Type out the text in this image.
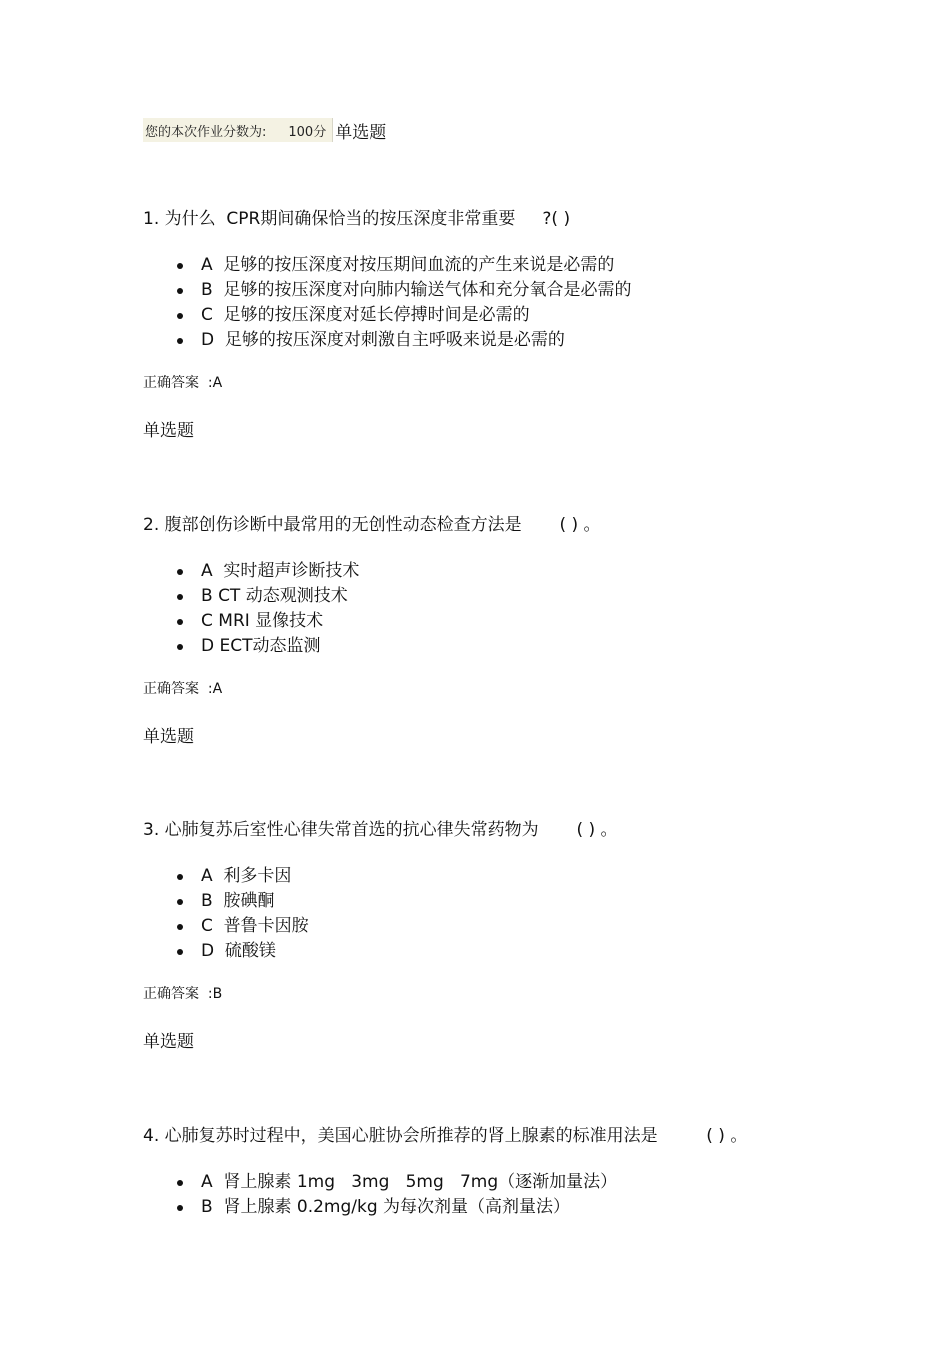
您的本次作业分数为: 100分 单选题
1. 为什么  CPR期间确保恰当的按压深度非常重要     ?( )
A  足够的按压深度对按压期间血流的产生来说是必需的
B  足够的按压深度对向肺内输送气体和充分氧合是必需的
C  足够的按压深度对延长停搏时间是必需的
D  足够的按压深度对刺激自主呼吸来说是必需的
正确答案  :A
单选题
2. 腹部创伤诊断中最常用的无创性动态检查方法是       ( ) 。
A  实时超声诊断技术
B CT 动态观测技术
C MRI 显像技术
D ECT动态监测
正确答案  :A
单选题
3. 心肺复苏后室性心律失常首选的抗心律失常药物为       ( ) 。
A  利多卡因
B  胺碘酮
C  普鲁卡因胺
D  硫酸镁
正确答案  :B
单选题
4. 心肺复苏时过程中，美国心脏协会所推荐的肾上腺素的标准用法是         ( ) 。
A  肾上腺素 1mg   3mg   5mg   7mg（逐渐加量法）
B  肾上腺素 0.2mg/kg 为每次剂量（高剂量法）
